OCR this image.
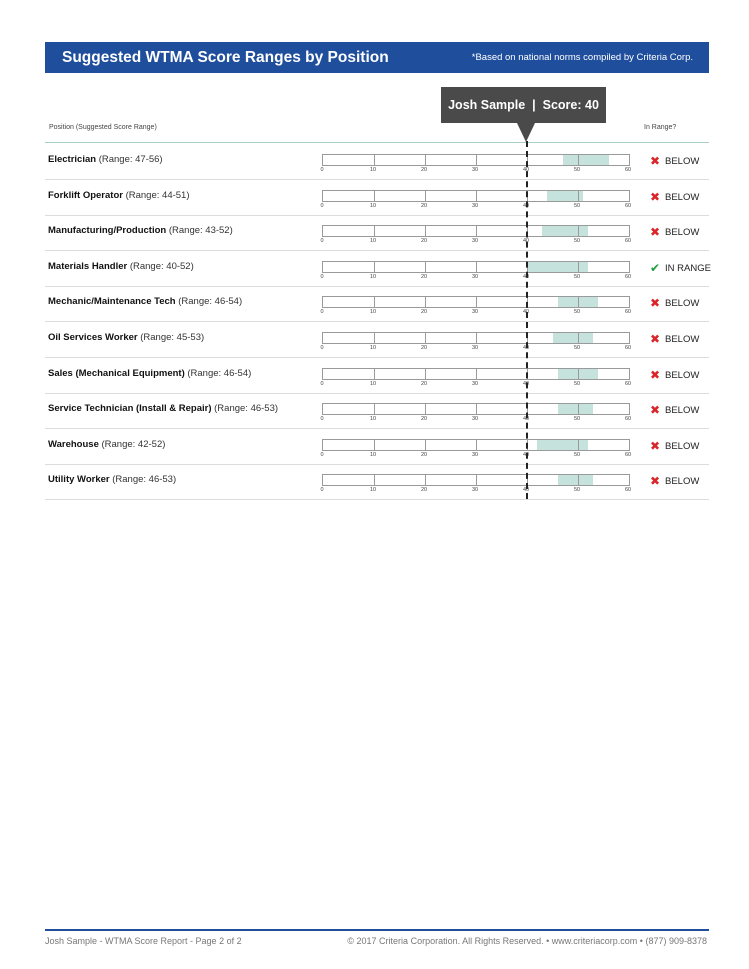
Suggested WTMA Score Ranges by Position	*Based on national norms compiled by Criteria Corp.
Josh Sample  |  Score: 40
Position (Suggested Score Range)	In Range?
Electrician (Range: 47-56)
0	10	20	30	40	50	60
✖ BELOW
Forklift Operator (Range: 44-51)
0	10	20	30	40	50	60
✖ BELOW
Manufacturing/Production (Range: 43-52)
0	10	20	30	40	50	60
✖ BELOW
Materials Handler (Range: 40-52)
0	10	20	30	40	50	60
✔ IN RANGE
Mechanic/Maintenance Tech (Range: 46-54)
0	10	20	30	40	50	60
✖ BELOW
Oil Services Worker (Range: 45-53)
0	10	20	30	40	50	60
✖ BELOW
Sales (Mechanical Equipment) (Range: 46-54)
0	10	20	30	40	50	60
✖ BELOW
Service Technician (Install & Repair) (Range: 46-53)
0	10	20	30	40	50	60
✖ BELOW
Warehouse (Range: 42-52)
0	10	20	30	40	50	60
✖ BELOW
Utility Worker (Range: 46-53)
0	10	20	30	40	50	60
✖ BELOW
Josh Sample - WTMA Score Report - Page 2 of 2	© 2017 Criteria Corporation. All Rights Reserved. • www.criteriacorp.com • (877) 909-8378
